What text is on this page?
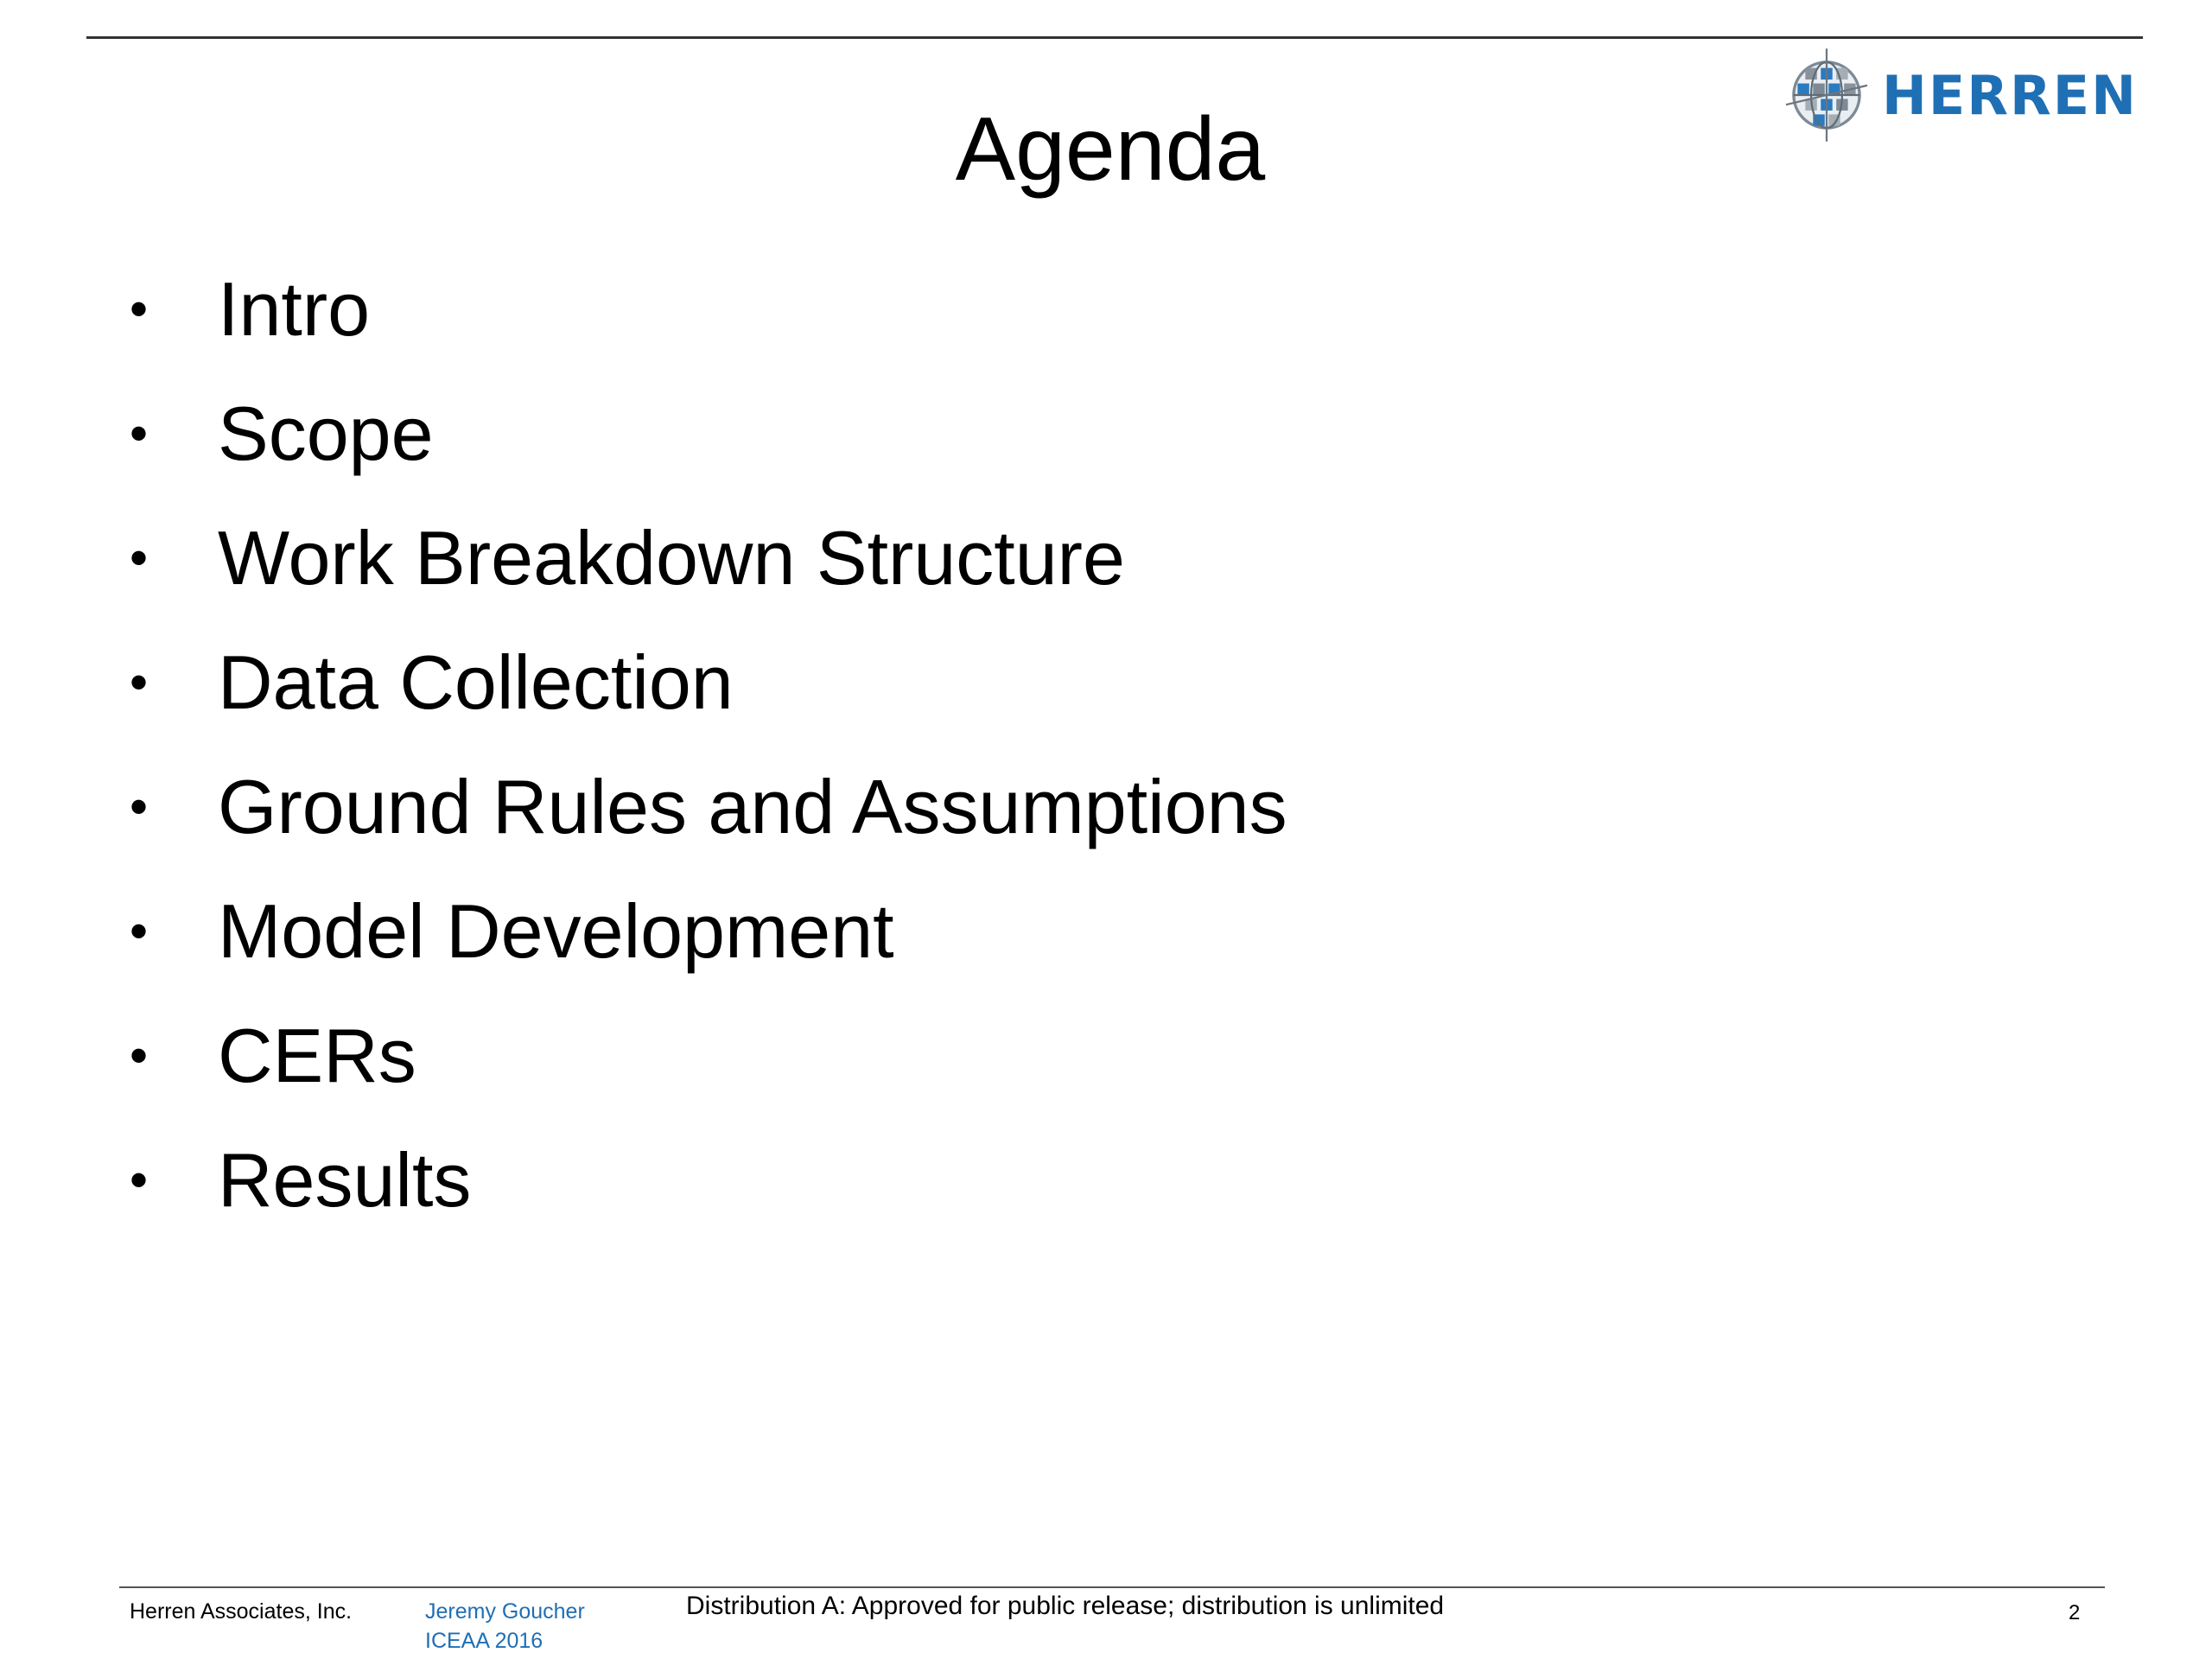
HERREN
Agenda
• Intro
• Scope
• Work Breakdown Structure
• Data Collection
• Ground Rules and Assumptions
• Model Development
• CERs
• Results
Herren Associates, Inc.	Jeremy Goucher
ICEAA 2016
Distribution A: Approved for public release; distribution is unlimited	2
